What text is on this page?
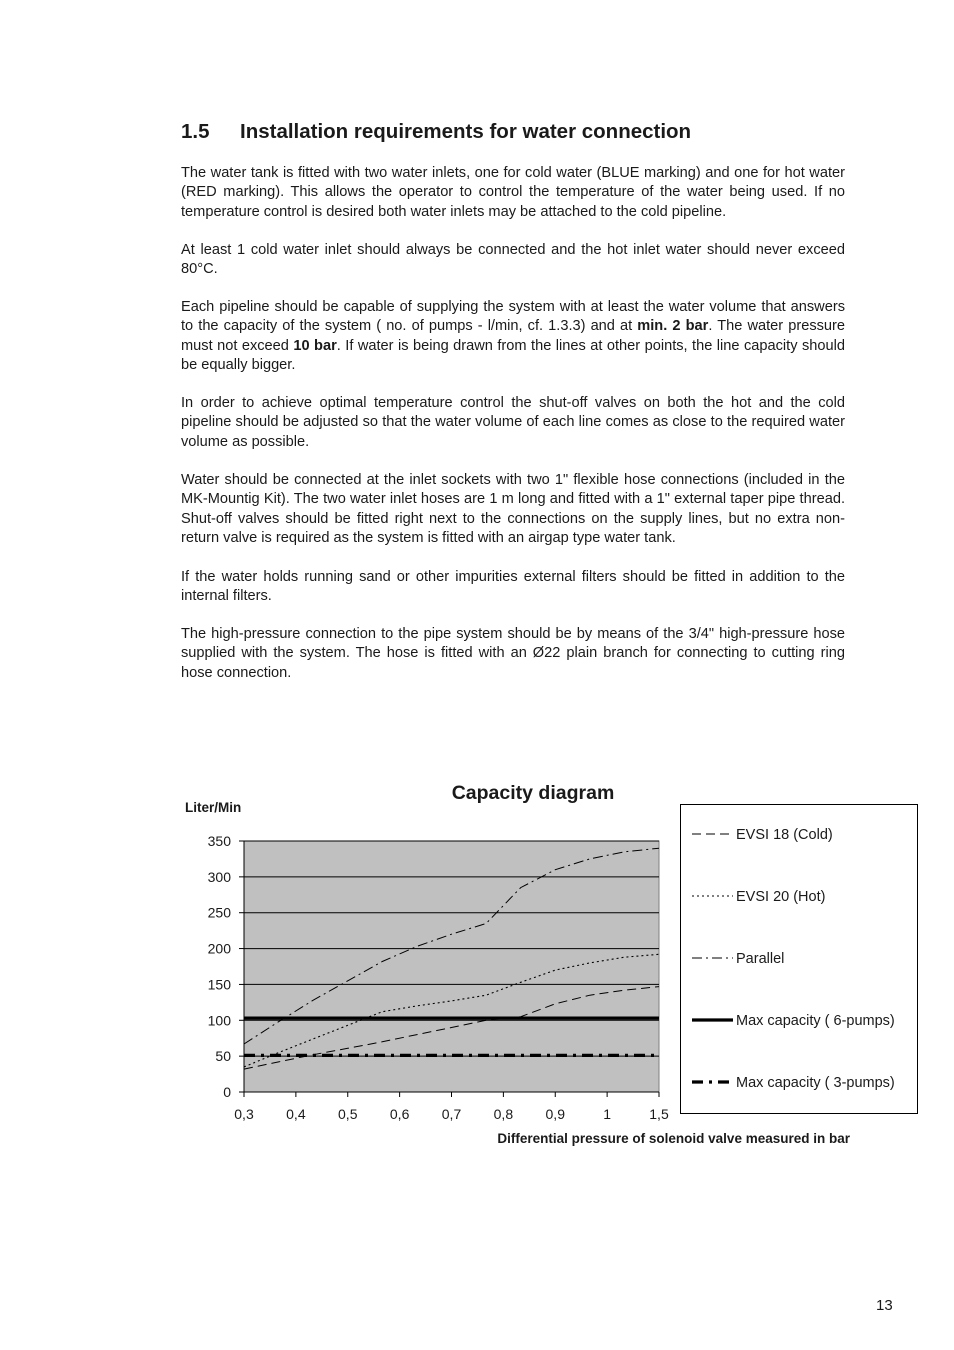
1.5 Installation requirements for water connection

The water tank is fitted with two water inlets, one for cold water (BLUE marking) and one for hot water (RED marking). This allows the operator to control the temperature of the water being used. If no temperature control is desired both water inlets may be attached to the cold pipeline.

At least 1 cold water inlet should always be connected and the hot inlet water should never exceed 80°C.

Each pipeline should be capable of supplying the system with at least the water volume that answers to the capacity of the system ( no. of pumps - l/min, cf. 1.3.3) and at min. 2 bar. The water pressure must not exceed 10 bar. If water is being drawn from the lines at other points, the line capacity should be equally bigger.

In order to achieve optimal temperature control the shut-off valves on both the hot and the cold pipeline should be adjusted so that the water volume of each line comes as close to the required water volume as possible.

Water should be connected at the inlet sockets with two 1" flexible hose connections (included in the MK-Mountig Kit). The two water inlet hoses are 1 m long and fitted with a 1" external taper pipe thread. Shut-off valves should be fitted right next to the connections on the supply lines, but no extra non-return valve is required as the system is fitted with an airgap type water tank.

If the water holds running sand or other impurities external filters should be fitted in addition to the internal filters.

The high-pressure connection to the pipe system should be by means of the 3/4" high-pressure hose supplied with the system. The hose is fitted with an Ø22 plain branch for connecting to cutting ring hose connection.

Capacity diagram
Liter/Min
Differential pressure of solenoid valve measured in bar
0
50
100
150
200
250
300
350
0,3 0,4 0,5 0,6 0,7 0,8 0,9	1	1,5
EVSI 18 (Cold)
EVSI 20 (Hot)
Parallel
Max capacity ( 6-pumps)
Max capacity ( 3-pumps)

13
